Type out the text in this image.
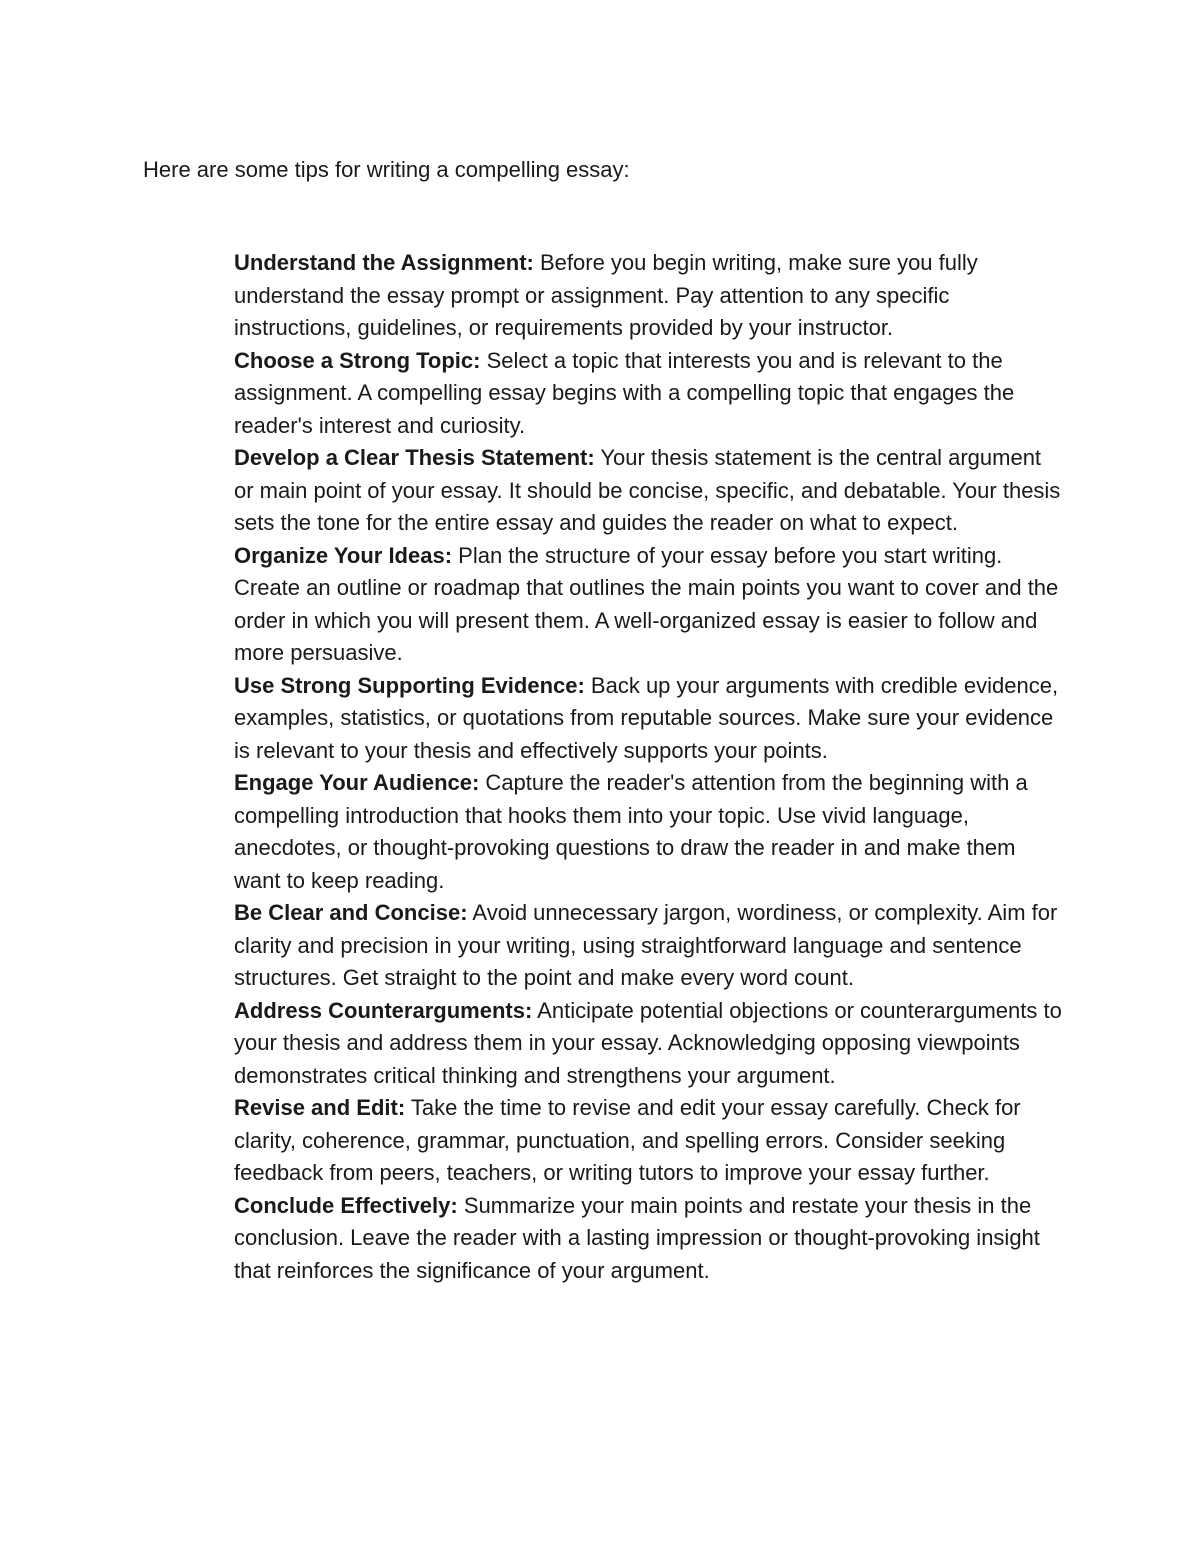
Here are some tips for writing a compelling essay:

Understand the Assignment: Before you begin writing, make sure you fully understand the essay prompt or assignment. Pay attention to any specific instructions, guidelines, or requirements provided by your instructor.
Choose a Strong Topic: Select a topic that interests you and is relevant to the assignment. A compelling essay begins with a compelling topic that engages the reader's interest and curiosity.
Develop a Clear Thesis Statement: Your thesis statement is the central argument or main point of your essay. It should be concise, specific, and debatable. Your thesis sets the tone for the entire essay and guides the reader on what to expect.
Organize Your Ideas: Plan the structure of your essay before you start writing. Create an outline or roadmap that outlines the main points you want to cover and the order in which you will present them. A well-organized essay is easier to follow and more persuasive.
Use Strong Supporting Evidence: Back up your arguments with credible evidence, examples, statistics, or quotations from reputable sources. Make sure your evidence is relevant to your thesis and effectively supports your points.
Engage Your Audience: Capture the reader's attention from the beginning with a compelling introduction that hooks them into your topic. Use vivid language, anecdotes, or thought-provoking questions to draw the reader in and make them want to keep reading.
Be Clear and Concise: Avoid unnecessary jargon, wordiness, or complexity. Aim for clarity and precision in your writing, using straightforward language and sentence structures. Get straight to the point and make every word count.
Address Counterarguments: Anticipate potential objections or counterarguments to your thesis and address them in your essay. Acknowledging opposing viewpoints demonstrates critical thinking and strengthens your argument.
Revise and Edit: Take the time to revise and edit your essay carefully. Check for clarity, coherence, grammar, punctuation, and spelling errors. Consider seeking feedback from peers, teachers, or writing tutors to improve your essay further.
Conclude Effectively: Summarize your main points and restate your thesis in the conclusion. Leave the reader with a lasting impression or thought-provoking insight that reinforces the significance of your argument.
